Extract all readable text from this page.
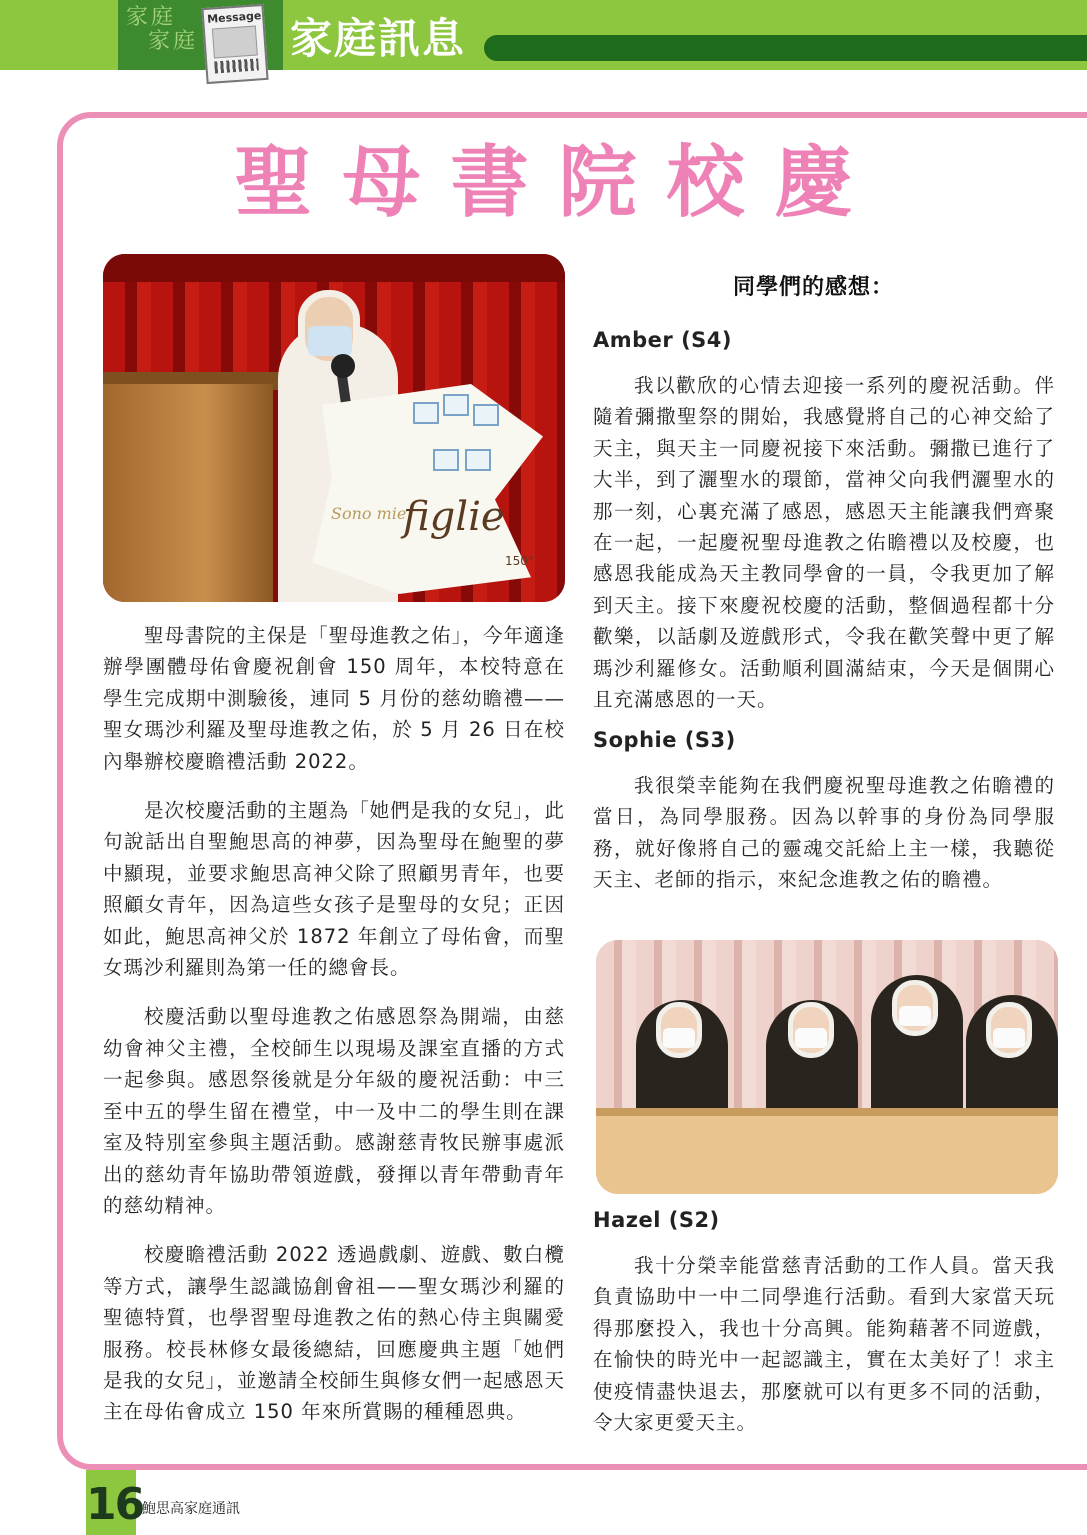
家庭
家庭
Message 家庭訊息
聖母書院校慶
Sono mie
figlie
150°
聖母書院的主保是「聖母進教之佑」，今年適逢辦學團體母佑會慶祝創會 150 周年，本校特意在學生完成期中測驗後，連同 5 月份的慈幼瞻禮——聖女瑪沙利羅及聖母進教之佑，於 5 月 26 日在校內舉辦校慶瞻禮活動 2022。
是次校慶活動的主題為「她們是我的女兒」，此句說話出自聖鮑思高的神夢，因為聖母在鮑聖的夢中顯現，並要求鮑思高神父除了照顧男青年，也要照顧女青年，因為這些女孩子是聖母的女兒；正因如此，鮑思高神父於 1872 年創立了母佑會，而聖女瑪沙利羅則為第一任的總會長。
校慶活動以聖母進教之佑感恩祭為開端，由慈幼會神父主禮，全校師生以現場及課室直播的方式一起參與。感恩祭後就是分年級的慶祝活動：中三至中五的學生留在禮堂，中一及中二的學生則在課室及特別室參與主題活動。感謝慈青牧民辦事處派出的慈幼青年協助帶領遊戲，發揮以青年帶動青年的慈幼精神。
校慶瞻禮活動 2022 透過戲劇、遊戲、數白欖等方式，讓學生認識協創會祖——聖女瑪沙利羅的聖德特質，也學習聖母進教之佑的熱心侍主與關愛服務。校長林修女最後總結，回應慶典主題「她們是我的女兒」，並邀請全校師生與修女們一起感恩天主在母佑會成立 150 年來所賞賜的種種恩典。
同學們的感想：
Amber (S4)
我以歡欣的心情去迎接一系列的慶祝活動。伴隨着彌撒聖祭的開始，我感覺將自己的心神交給了天主，與天主一同慶祝接下來活動。彌撒已進行了大半，到了灑聖水的環節，當神父向我們灑聖水的那一刻，心裏充滿了感恩，感恩天主能讓我們齊聚在一起，一起慶祝聖母進教之佑瞻禮以及校慶，也感恩我能成為天主教同學會的一員，令我更加了解到天主。接下來慶祝校慶的活動，整個過程都十分歡樂，以話劇及遊戲形式，令我在歡笑聲中更了解瑪沙利羅修女。活動順利圓滿結束，今天是個開心且充滿感恩的一天。
Sophie (S3)
我很榮幸能夠在我們慶祝聖母進教之佑瞻禮的當日，為同學服務。因為以幹事的身份為同學服務，就好像將自己的靈魂交託給上主一樣，我聽從天主、老師的指示，來紀念進教之佑的瞻禮。
Hazel (S2)
我十分榮幸能當慈青活動的工作人員。當天我負責協助中一中二同學進行活動。看到大家當天玩得那麼投入，我也十分高興。能夠藉著不同遊戲，在愉快的時光中一起認識主，實在太美好了！求主使疫情盡快退去，那麼就可以有更多不同的活動，令大家更愛天主。
16
鮑思高家庭通訊
